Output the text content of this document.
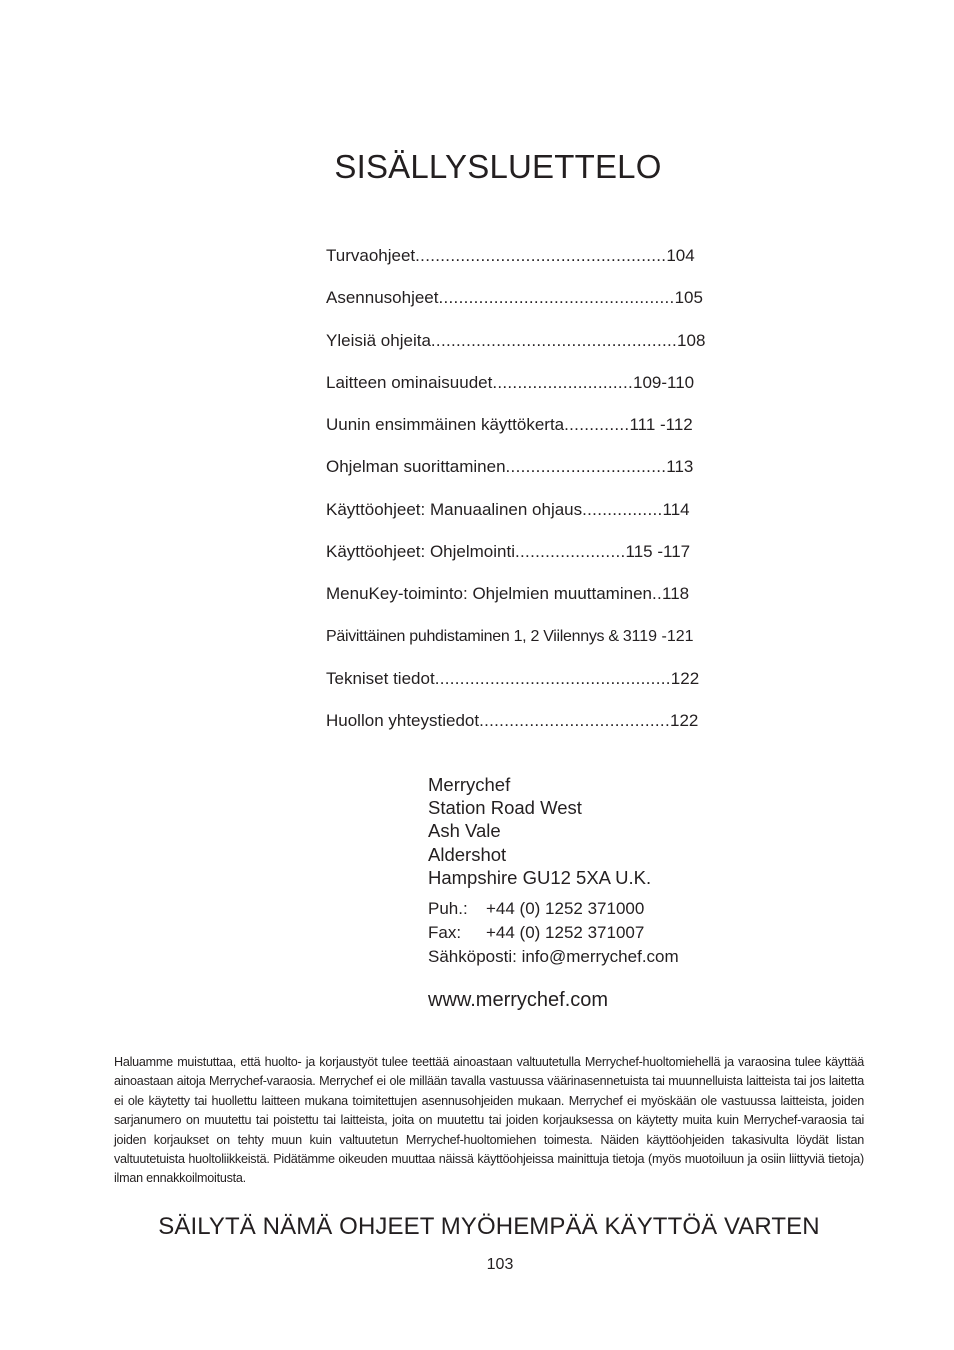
SISÄLLYSLUETTELO
Turvaohjeet .................................................. 104
Asennusohjeet ............................................... 105
Yleisiä ohjeita ................................................. 108
Laitteen ominaisuudet ............................ 109-110
Uunin ensimmäinen käyttökerta ............. 111 -112
Ohjelman suorittaminen ................................ 113
Käyttöohjeet: Manuaalinen ohjaus ................ 114
Käyttöohjeet: Ohjelmointi ...................... 115 -117
MenuKey-toiminto: Ohjelmien muuttaminen .. 118
Päivittäinen puhdistaminen 1, 2 Viilennys & 3 119 -121
Tekniset tiedot ............................................... 122
Huollon yhteystiedot ...................................... 122
Merrychef
Station Road West
Ash Vale
Aldershot
Hampshire GU12 5XA U.K.
Puh.: +44 (0) 1252 371000
Fax: +44 (0) 1252 371007
Sähköposti: info@merrychef.com
www.merrychef.com
Haluamme muistuttaa, että huolto- ja korjaustyöt tulee teettää ainoastaan valtuutetulla Merrychef-huoltomiehellä ja varaosina tulee käyttää ainoastaan aitoja Merrychef-varaosia. Merrychef ei ole millään tavalla vastuussa väärinasennetuista tai muunnelluista laitteista tai jos laitetta ei ole käytetty tai huollettu laitteen mukana toimitettujen asennusohjeiden mukaan. Merrychef ei myöskään ole vastuussa laitteista, joiden sarjanumero on muutettu tai poistettu tai laitteista, joita on muutettu tai joiden korjauksessa on käytetty muita kuin Merrychef-varaosia tai joiden korjaukset on tehty muun kuin valtuutetun Merrychef-huoltomiehen toimesta. Näiden käyttöohjeiden takasivulta löydät listan valtuutetuista huoltoliikkeistä. Pidätämme oikeuden muuttaa näissä käyttöohjeissa mainittuja tietoja (myös muotoiluun ja osiin liittyviä tietoja) ilman ennakkoilmoitusta.
SÄILYTÄ NÄMÄ OHJEET MYÖHEMPÄÄ KÄYTTÖÄ VARTEN
103
